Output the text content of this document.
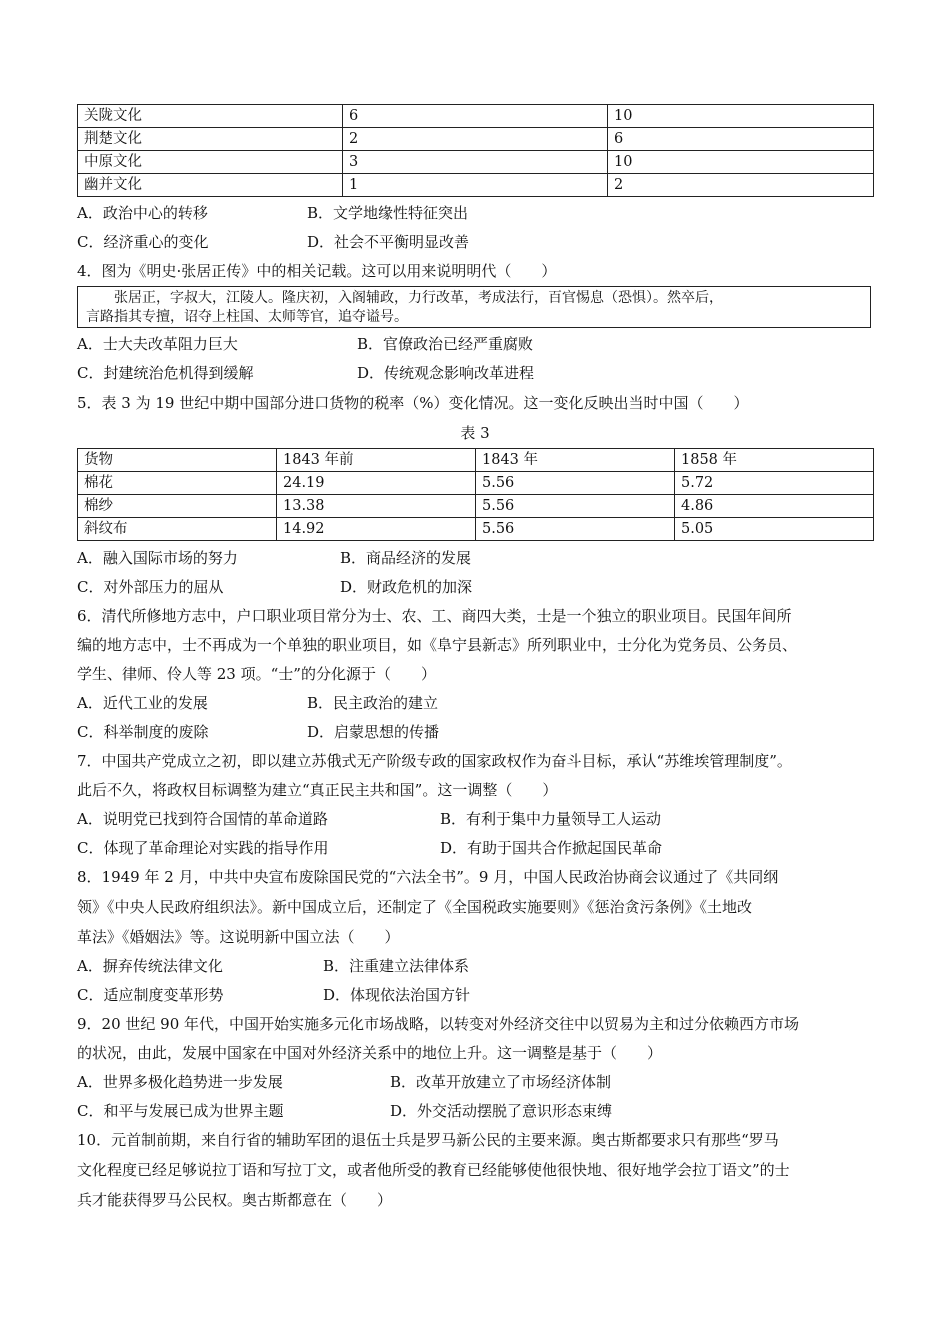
关陇文化	6	10
荆楚文化	2	6
中原文化	3	10
幽并文化	1	2
A．政治中心的转移	B．文学地缘性特征突出
C．经济重心的变化	D．社会不平衡明显改善
4．图为《明史·张居正传》中的相关记载。这可以用来说明明代（　　）
　　张居正，字叔大，江陵人。隆庆初，入阁辅政，力行改革，考成法行，百官惕息（恐惧）。然卒后，
言路指其专擅，诏夺上柱国、太师等官，追夺谥号。
A．士大夫改革阻力巨大	B．官僚政治已经严重腐败
C．封建统治危机得到缓解	D．传统观念影响改革进程
5．表 3 为 19 世纪中期中国部分进口货物的税率（%）变化情况。这一变化反映出当时中国（　　）
表 3
货物	1843 年前	1843 年	1858 年
棉花	24.19	5.56	5.72
棉纱	13.38	5.56	4.86
斜纹布	14.92	5.56	5.05
A．融入国际市场的努力	B．商品经济的发展
C．对外部压力的屈从	D．财政危机的加深
6．清代所修地方志中，户口职业项目常分为士、农、工、商四大类，士是一个独立的职业项目。民国年间所
编的地方志中，士不再成为一个单独的职业项目，如《阜宁县新志》所列职业中，士分化为党务员、公务员、
学生、律师、伶人等 23 项。“士”的分化源于（　　）
A．近代工业的发展	B．民主政治的建立
C．科举制度的废除	D．启蒙思想的传播
7．中国共产党成立之初，即以建立苏俄式无产阶级专政的国家政权作为奋斗目标，承认“苏维埃管理制度”。
此后不久，将政权目标调整为建立“真正民主共和国”。这一调整（　　）
A．说明党已找到符合国情的革命道路	B．有利于集中力量领导工人运动
C．体现了革命理论对实践的指导作用	D．有助于国共合作掀起国民革命
8．1949 年 2 月，中共中央宣布废除国民党的“六法全书”。9 月，中国人民政治协商会议通过了《共同纲
领》《中央人民政府组织法》。新中国成立后，还制定了《全国税政实施要则》《惩治贪污条例》《土地改
革法》《婚姻法》等。这说明新中国立法（　　）
A．摒弃传统法律文化	B．注重建立法律体系
C．适应制度变革形势	D．体现依法治国方针
9．20 世纪 90 年代，中国开始实施多元化市场战略，以转变对外经济交往中以贸易为主和过分依赖西方市场
的状况，由此，发展中国家在中国对外经济关系中的地位上升。这一调整是基于（　　）
A．世界多极化趋势进一步发展	B．改革开放建立了市场经济体制
C．和平与发展已成为世界主题	D．外交活动摆脱了意识形态束缚
10．元首制前期，来自行省的辅助军团的退伍士兵是罗马新公民的主要来源。奥古斯都要求只有那些“罗马
文化程度已经足够说拉丁语和写拉丁文，或者他所受的教育已经能够使他很快地、很好地学会拉丁语文”的士
兵才能获得罗马公民权。奥古斯都意在（　　）
